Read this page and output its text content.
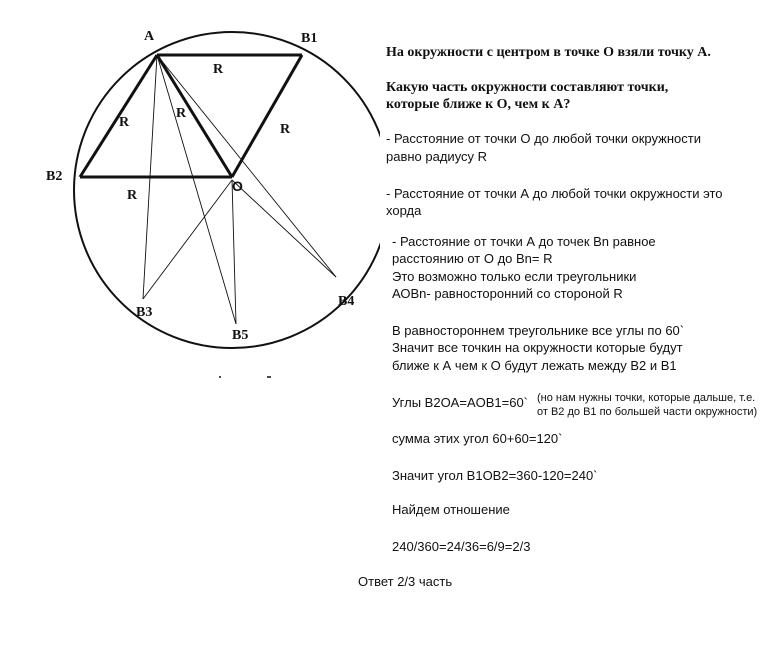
A	B1
B2
O
B3
B4
B5
R
R
R
R
R
На окружности с центром в точке О взяли точку А.
Какую часть окружности составляют точки,
которые ближе к О, чем к А?
- Расстояние от точки О до любой точки окружности
равно радиусу R
- Расстояние от точки А до любой точки окружности это
хорда
- Расстояние от точки А до точек Bn равное
расстоянию от О до Bn= R
Это возможно только если треугольники
АОBn- равносторонний со стороной R
В равностороннем треугольнике все углы по 60`
Значит все точкин на окружности которые будут
ближе к А чем к О будут лежать между B2 и B1
Углы B2OA=AOB1=60` (но нам нужны точки, которые дальше, т.е.
от B2 до B1 по большей части окружности)
сумма этих угол 60+60=120`
Значит угол B1OB2=360-120=240`
Найдем отношение
240/360=24/36=6/9=2/3
Ответ 2/3 часть
